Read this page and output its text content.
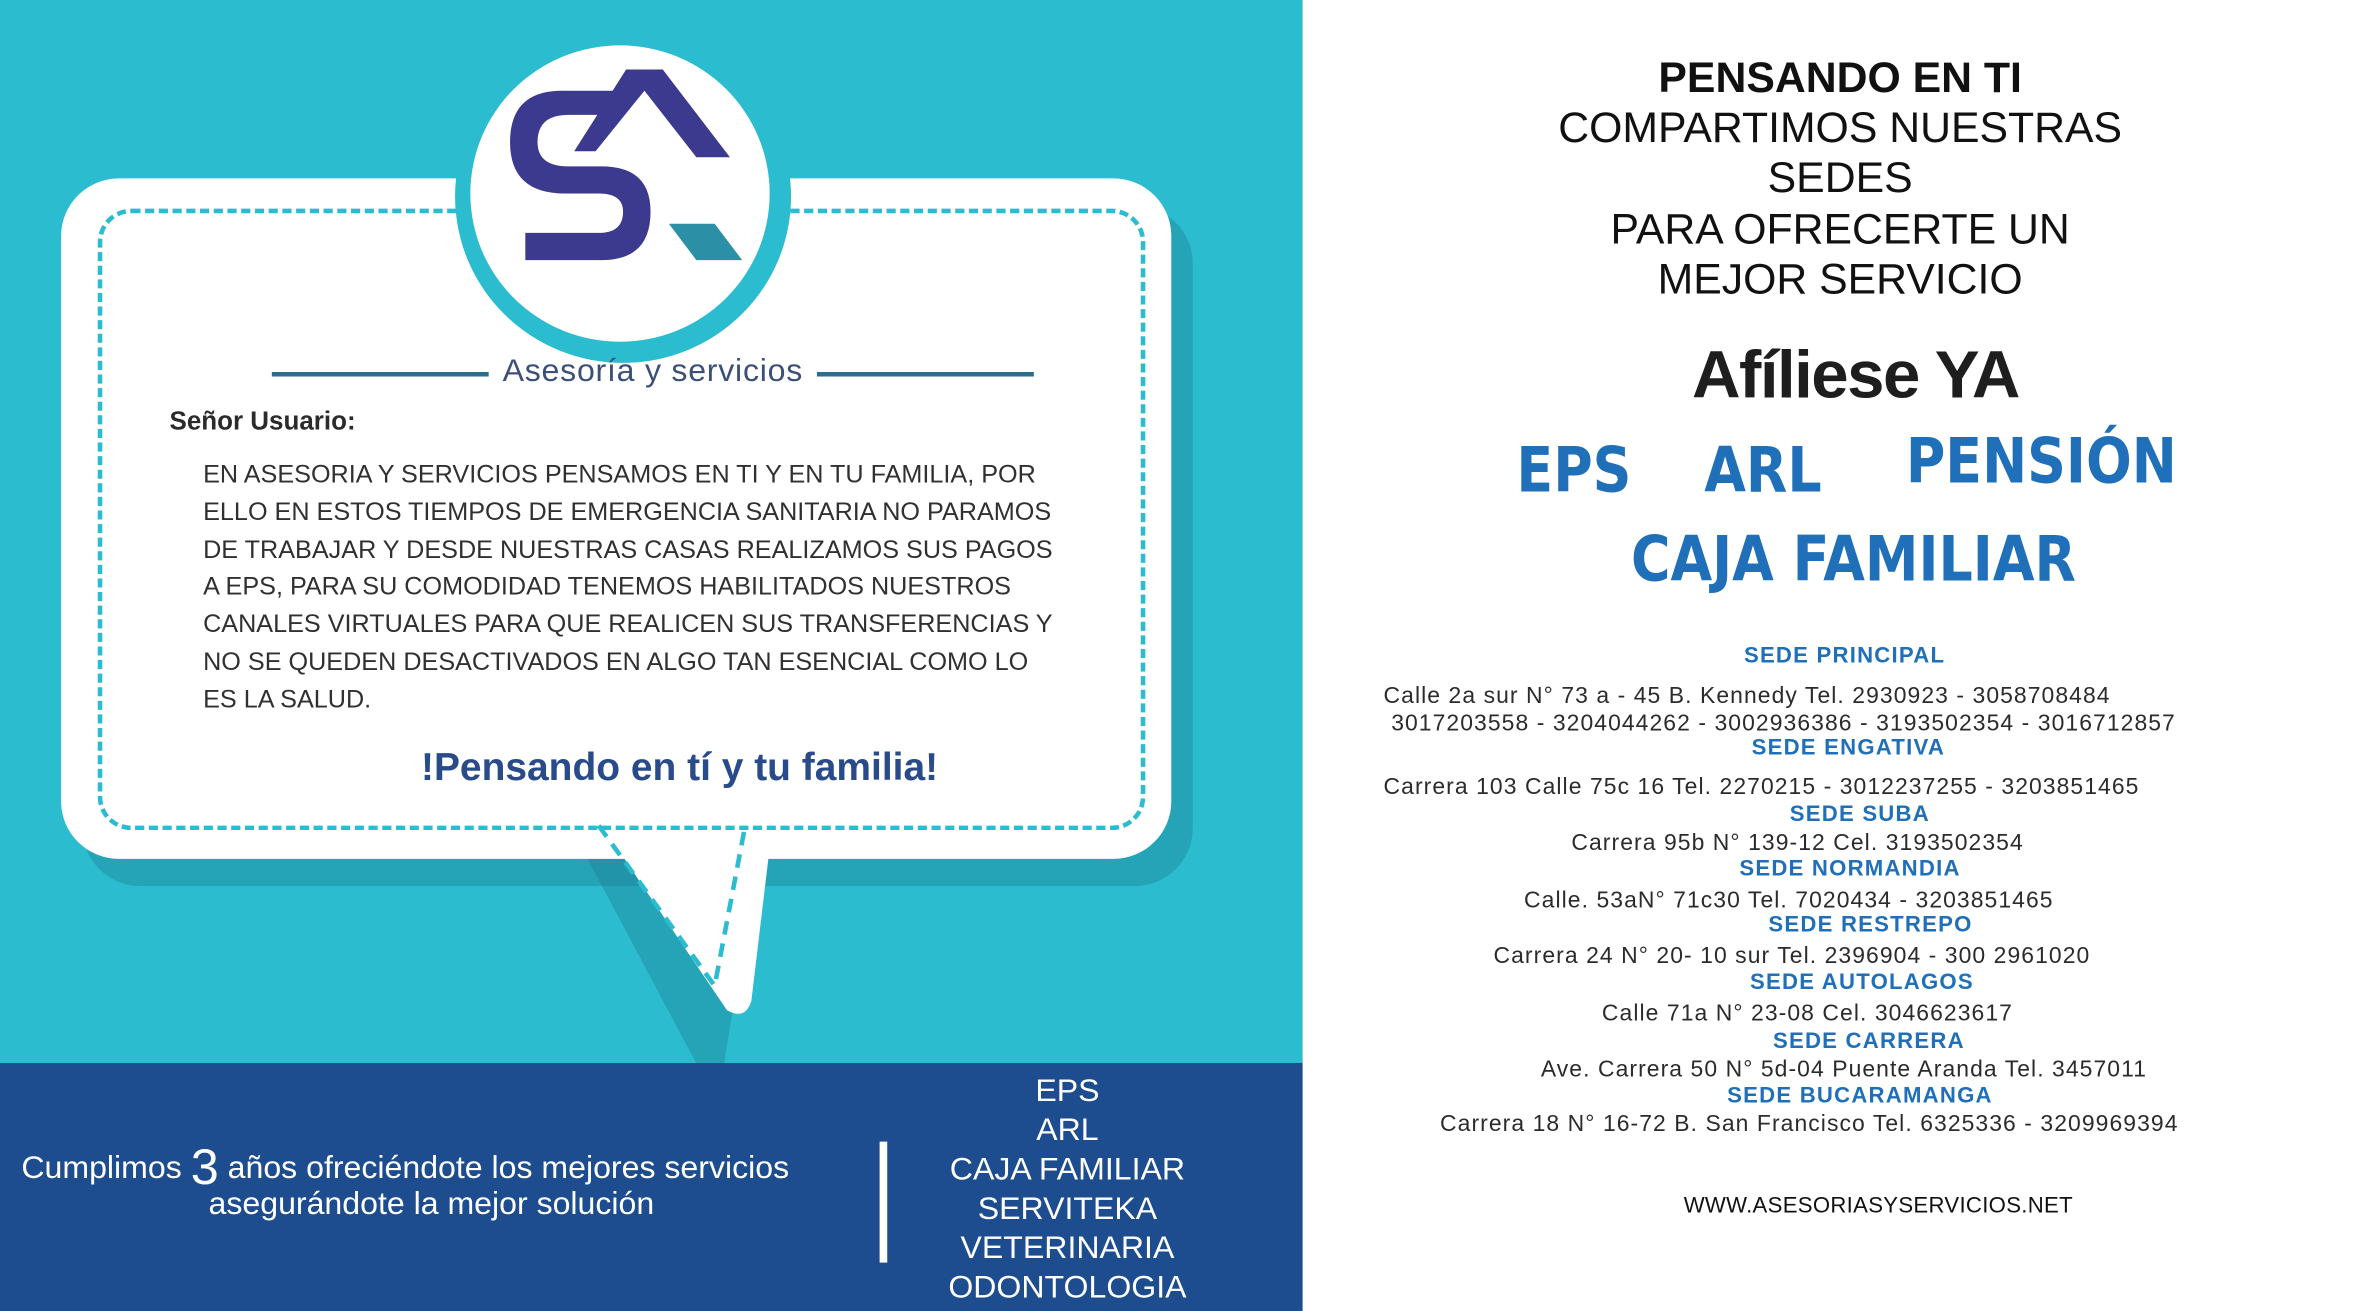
Asesoría y servicios
Señor Usuario:
EN ASESORIA Y SERVICIOS PENSAMOS EN TI Y EN TU FAMILIA, POR
ELLO EN ESTOS TIEMPOS DE EMERGENCIA SANITARIA NO PARAMOS
DE TRABAJAR Y DESDE NUESTRAS CASAS REALIZAMOS SUS PAGOS
A EPS, PARA SU COMODIDAD TENEMOS HABILITADOS NUESTROS
CANALES VIRTUALES PARA QUE REALICEN SUS TRANSFERENCIAS Y
NO SE QUEDEN DESACTIVADOS EN ALGO TAN ESENCIAL COMO LO
ES LA SALUD.
!Pensando en tí y tu familia!
Cumplimos 3 años ofreciéndote los mejores servicios
asegurándote la mejor solución
EPS
ARL
CAJA FAMILIAR
SERVITEKA
VETERINARIA
ODONTOLOGIA
PENSANDO EN TI
COMPARTIMOS NUESTRAS
SEDES
PARA OFRECERTE UN
MEJOR SERVICIO
Afíliese YA
EPS ARL PENSIÓN
CAJA FAMILIAR
SEDE PRINCIPAL
Calle 2a sur N° 73 a - 45 B. Kennedy Tel. 2930923 - 3058708484
3017203558 - 3204044262 - 3002936386 - 3193502354 - 3016712857
SEDE ENGATIVA
Carrera 103 Calle 75c 16 Tel. 2270215 - 3012237255 - 3203851465
SEDE SUBA
Carrera 95b N° 139-12 Cel. 3193502354
SEDE NORMANDIA
Calle. 53aN° 71c30 Tel. 7020434 - 3203851465
SEDE RESTREPO
Carrera 24 N° 20- 10 sur Tel. 2396904 - 300 2961020
SEDE AUTOLAGOS
Calle 71a N° 23-08 Cel. 3046623617
SEDE CARRERA
Ave. Carrera 50 N° 5d-04 Puente Aranda Tel. 3457011
SEDE BUCARAMANGA
Carrera 18 N° 16-72 B. San Francisco Tel. 6325336 - 3209969394
WWW.ASESORIASYSERVICIOS.NET
